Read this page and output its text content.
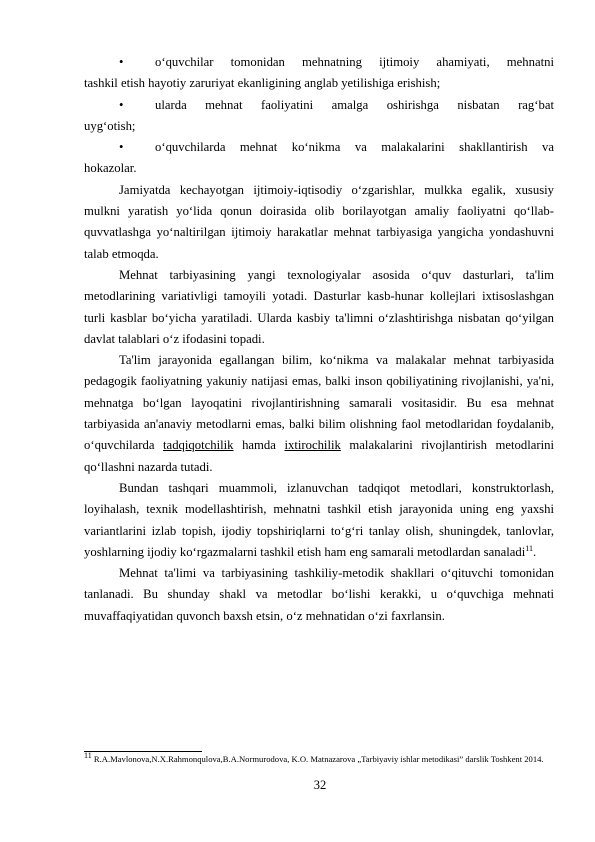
•	o‘quvchilar tomonidan mehnatning ijtimoiy ahamiyati, mehnatni
tashkil etish hayotiy zaruriyat ekanligining anglab yetilishiga erishish;
•	ularda mehnat faoliyatini amalga oshirishga nisbatan rag‘bat
uyg‘otish;
•	o‘quvchilarda mehnat ko‘nikma va malakalarini shakllantirish va
hokazolar.

Jamiyatda kechayotgan ijtimoiy-iqtisodiy o‘zgarishlar, mulkka egalik, xususiy mulkni yaratish yo‘lida qonun doirasida olib borilayotgan amaliy faoliyatni qo‘llab-quvvatlashga yo‘naltirilgan ijtimoiy harakatlar mehnat tarbiyasiga yangicha yondashuvni talab etmoqda.

Mehnat tarbiyasining yangi texnologiyalar asosida o‘quv dasturlari, ta'lim metodlarining variativligi tamoyili yotadi. Dasturlar kasb-hunar kollejlari ixtisoslashgan turli kasblar bo‘yicha yaratiladi. Ularda kasbiy ta'limni o‘zlashtirishga nisbatan qo‘yilgan davlat talablari o‘z ifodasini topadi.

Ta'lim jarayonida egallangan bilim, ko‘nikma va malakalar mehnat tarbiyasida pedagogik faoliyatning yakuniy natijasi emas, balki inson qobiliyatining rivojlanishi, ya'ni, mehnatga bo‘lgan layoqatini rivojlantirishning samarali vositasidir. Bu esa mehnat tarbiyasida an'anaviy metodlarni emas, balki bilim olishning faol metodlaridan foydalanib, o‘quvchilarda tadqiqotchilik hamda ixtirochilik malakalarini rivojlantirish metodlarini qo‘llashni nazarda tutadi.

Bundan tashqari muammoli, izlanuvchan tadqiqot metodlari, konstruktorlash, loyihalash, texnik modellashtirish, mehnatni tashkil etish jarayonida uning eng yaxshi variantlarini izlab topish, ijodiy topshiriqlarni to‘g‘ri tanlay olish, shuningdek, tanlovlar, yoshlarning ijodiy ko‘rgazmalarni tashkil etish ham eng samarali metodlardan sanaladi$^{11}$.

Mehnat ta'limi va tarbiyasining tashkiliy-metodik shakllari o‘qituvchi tomonidan tanlanadi. Bu shunday shakl va metodlar bo‘lishi kerakki, u o‘quvchiga mehnati muvaffaqiyatidan quvonch baxsh etsin, o‘z mehnatidan o‘zi faxrlansin.

$^{11}$ R.A.Mavlonova,N.X.Rahmonqulova,B.A.Normurodova, K.O. Matnazarova „Tarbiyaviy ishlar metodikasi” darslik Toshkent 2014.
32
